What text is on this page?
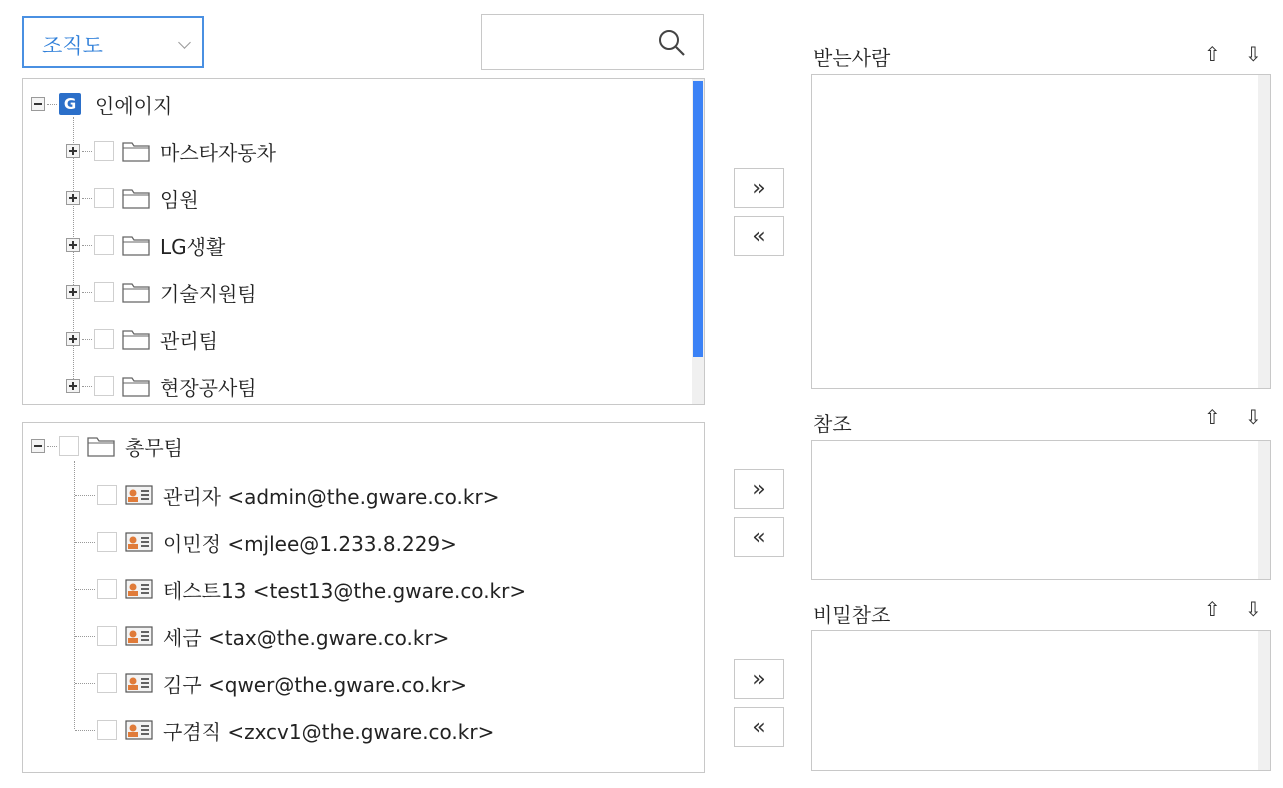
조직도
G 인에이지
마스타자동차
임원
LG생활
기술지원팀
관리팀
현장공사팀
총무팀
관리자 <admin@the.gware.co.kr>
이민정 <mjlee@1.233.8.229>
테스트13 <test13@the.gware.co.kr>
세금 <tax@the.gware.co.kr>
김구 <qwer@the.gware.co.kr>
구겸직 <zxcv1@the.gware.co.kr>
»
«
»
«
»
«
받는사람	⇧ ⇩
참조	⇧ ⇩
비밀참조	⇧ ⇩
